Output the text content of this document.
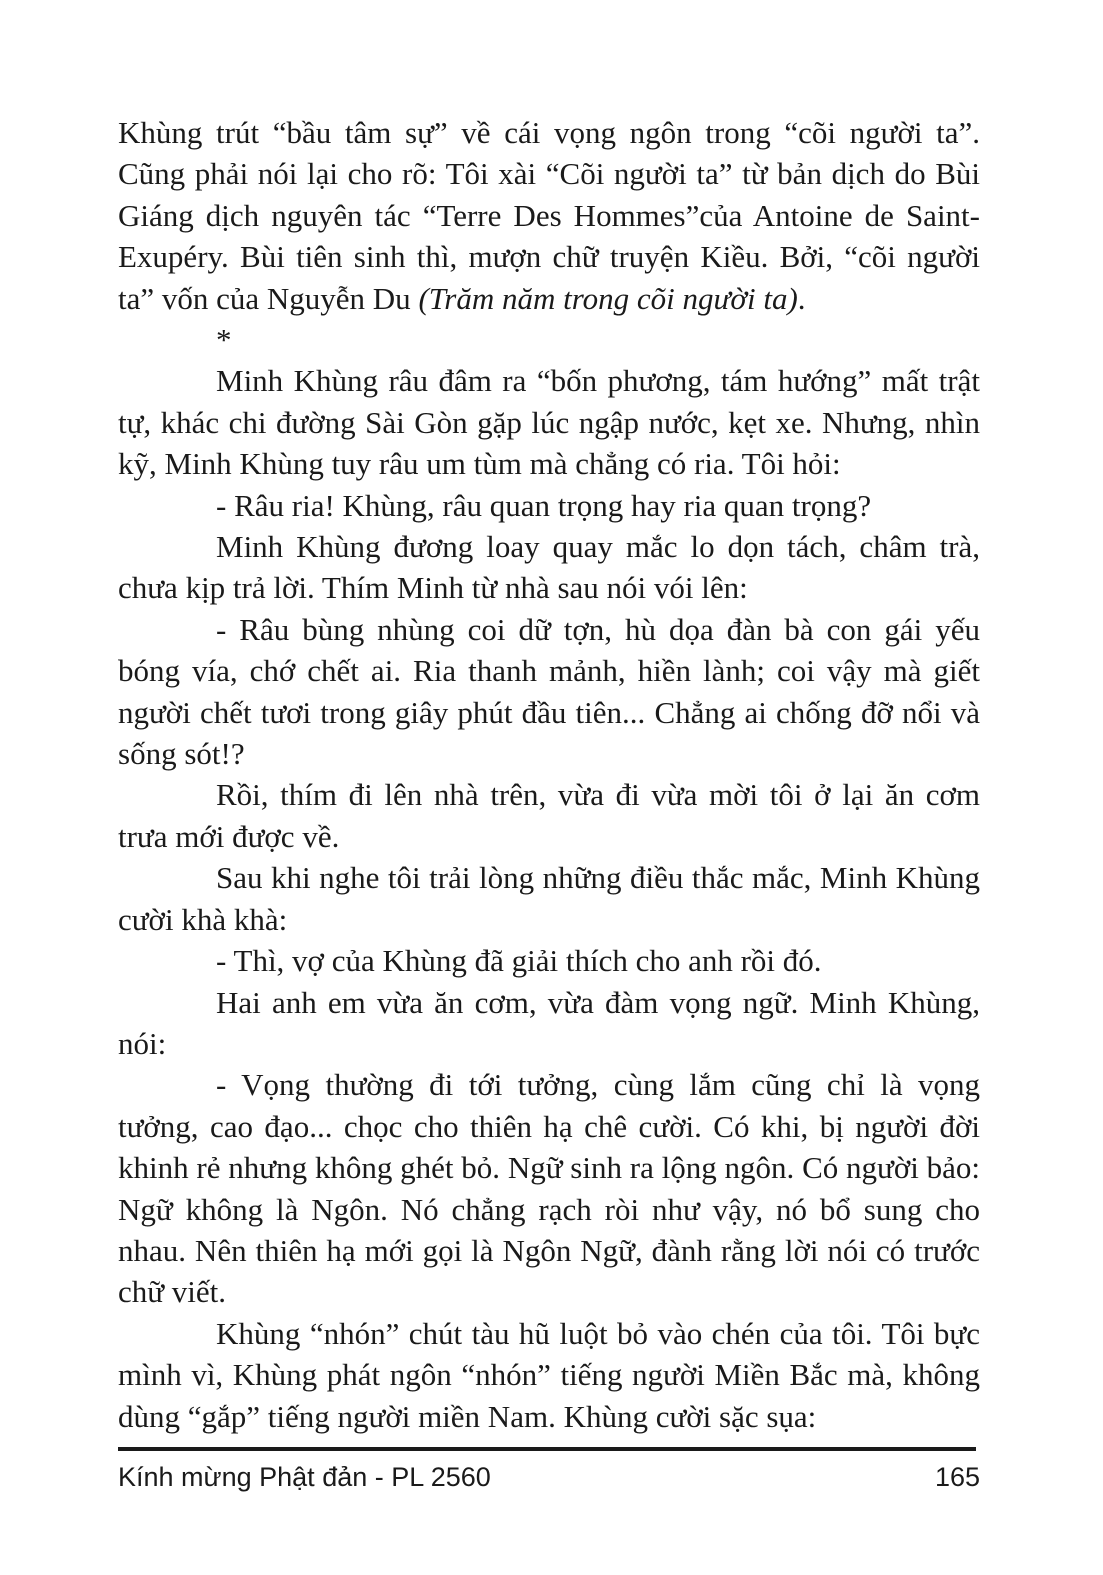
Khùng trút “bầu tâm sự” về cái vọng ngôn trong “cõi người ta”. Cũng phải nói lại cho rõ: Tôi xài “Cõi người ta” từ bản dịch do Bùi Giáng dịch nguyên tác “Terre Des Hommes”của Antoine de Saint-Exupéry. Bùi tiên sinh thì, mượn chữ truyện Kiều. Bởi, “cõi người ta” vốn của Nguyễn Du (Trăm năm trong cõi người ta).

*

Minh Khùng râu đâm ra “bốn phương, tám hướng” mất trật tự, khác chi đường Sài Gòn gặp lúc ngập nước, kẹt xe. Nhưng, nhìn kỹ, Minh Khùng tuy râu um tùm mà chẳng có ria. Tôi hỏi:

- Râu ria! Khùng, râu quan trọng hay ria quan trọng?

Minh Khùng đương loay quay mắc lo dọn tách, châm trà, chưa kịp trả lời. Thím Minh từ nhà sau nói vói lên:

- Râu bùng nhùng coi dữ tợn, hù dọa đàn bà con gái yếu bóng vía, chớ chết ai. Ria thanh mảnh, hiền lành; coi vậy mà giết người chết tươi trong giây phút đầu tiên... Chẳng ai chống đỡ nổi và sống sót!?

Rồi, thím đi lên nhà trên, vừa đi vừa mời tôi ở lại ăn cơm trưa mới được về.

Sau khi nghe tôi trải lòng những điều thắc mắc, Minh Khùng cười khà khà:

- Thì, vợ của Khùng đã giải thích cho anh rồi đó.

Hai anh em vừa ăn cơm, vừa đàm vọng ngữ. Minh Khùng, nói:

- Vọng thường đi tới tưởng, cùng lắm cũng chỉ là vọng tưởng, cao đạo... chọc cho thiên hạ chê cười. Có khi, bị người đời khinh rẻ nhưng không ghét bỏ. Ngữ sinh ra lộng ngôn. Có người bảo: Ngữ không là Ngôn. Nó chẳng rạch ròi như vậy, nó bổ sung cho nhau. Nên thiên hạ mới gọi là Ngôn Ngữ, đành rằng lời nói có trước chữ viết.

Khùng “nhón” chút tàu hũ luột bỏ vào chén của tôi. Tôi bực mình vì, Khùng phát ngôn “nhón” tiếng người Miền Bắc mà, không dùng “gắp” tiếng người miền Nam. Khùng cười sặc sụa:

Kính mừng Phật đản - PL 2560	165
